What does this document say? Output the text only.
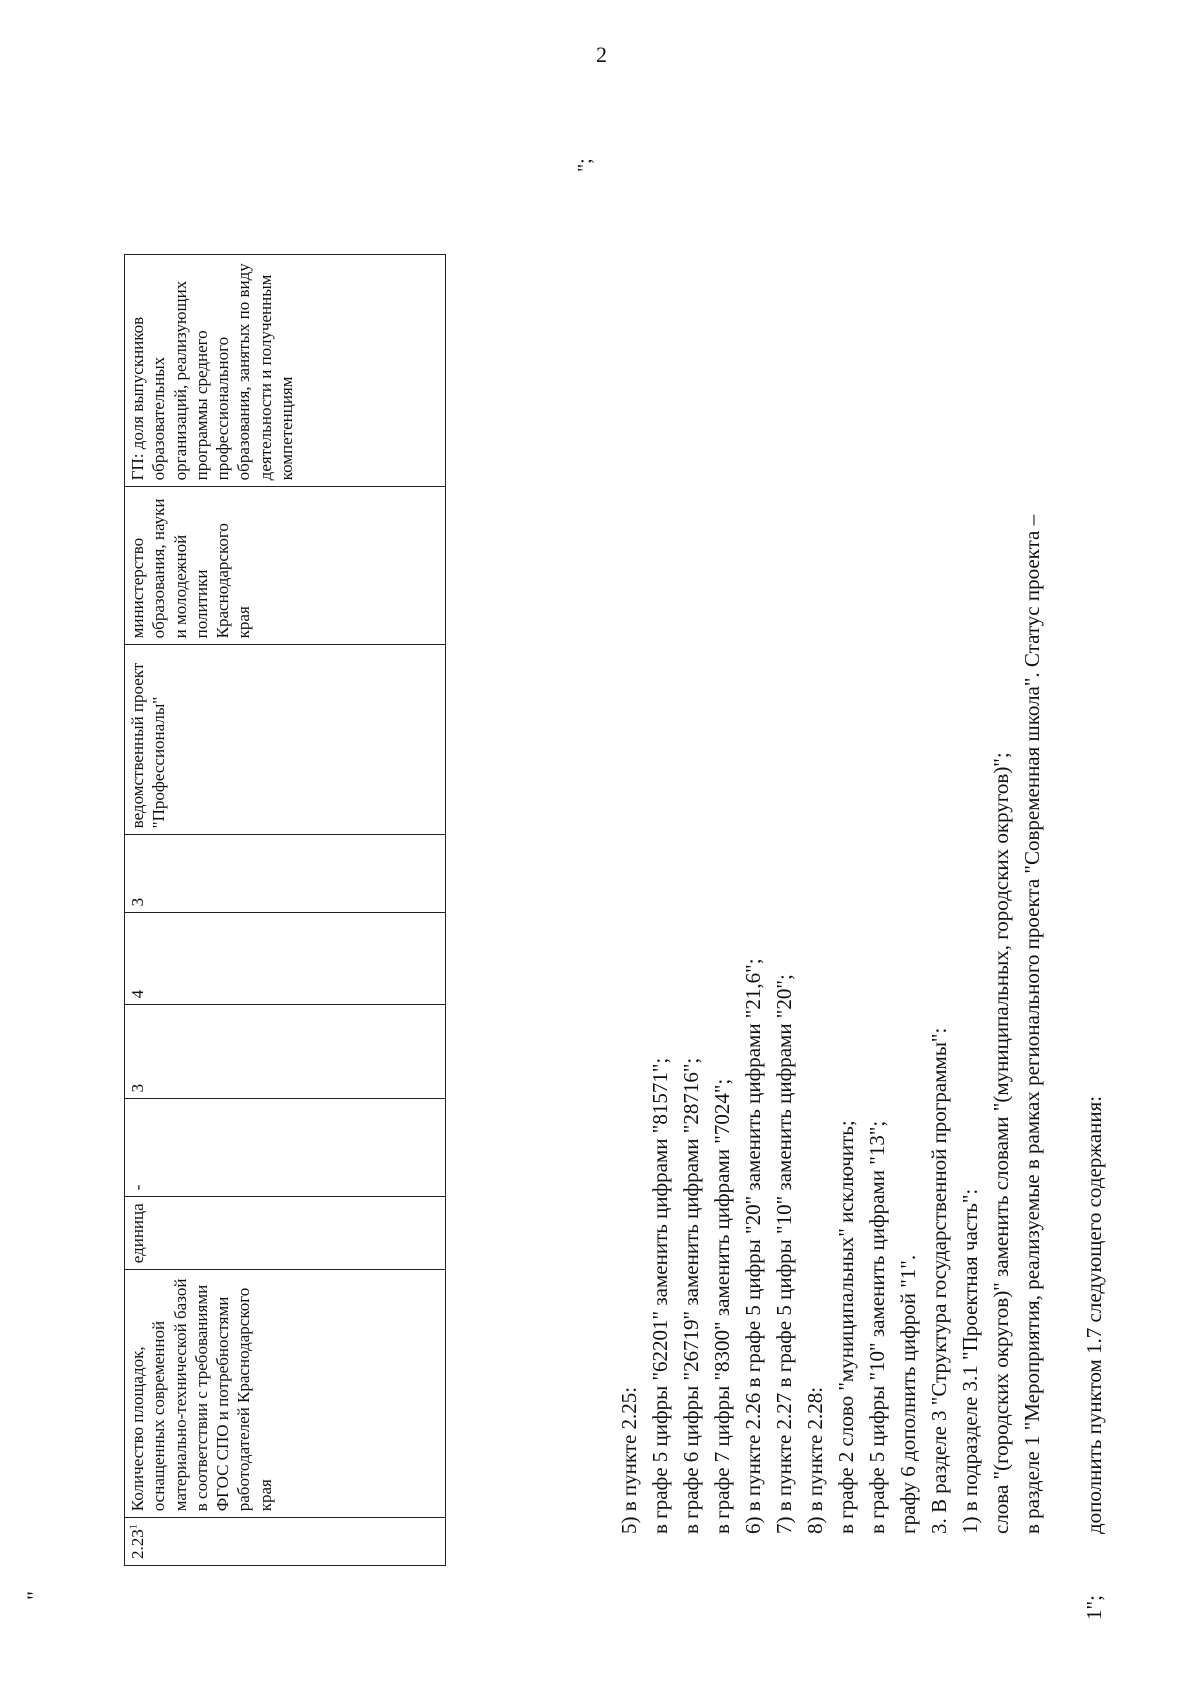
2
"
2.23$^1$	Количество площадок, оснащенных современной материально-технической базой в соответствии с требованиями ФГОС СПО и потребностями работодателей Краснодарского края	единица	-	3	4	3	ведомственный проект "Профессионалы"	министерство образования, науки и молодежной политики Краснодарского края	ГП: доля выпускников образовательных организаций, реализующих программы среднего профессионального образования, занятых по виду деятельности и полученным компетенциям
";
5) в пункте 2.25: в графе 5 цифры "62201" заменить цифрами "81571"; в графе 6 цифры "26719" заменить цифрами "28716"; в графе 7 цифры "8300" заменить цифрами "7024"; 6) в пункте 2.26 в графе 5 цифры "20" заменить цифрами "21,6"; 7) в пункте 2.27 в графе 5 цифры "10" заменить цифрами "20"; 8) в пункте 2.28: в графе 2 слово "муниципальных" исключить; в графе 5 цифры "10" заменить цифрами "13"; графу 6 дополнить цифрой "1". 3. В разделе 3 "Структура государственной программы": 1) в подразделе 3.1 "Проектная часть": слова "(городских округов)" заменить словами "(муниципальных, городских округов)"; в разделе 1 "Мероприятия, реализуемые в рамках регионального проекта "Современная школа". Статус проекта –
1";
дополнить пунктом 1.7 следующего содержания:
